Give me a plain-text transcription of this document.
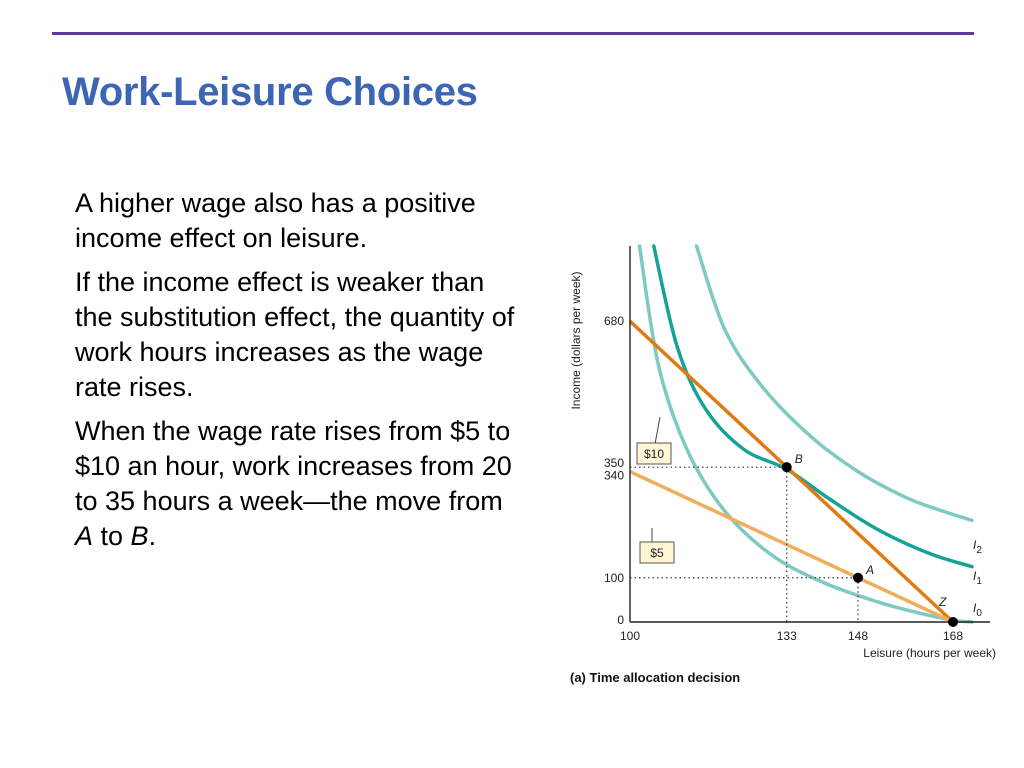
Work-Leisure Choices

A higher wage also has a positive income effect on leisure.

If the income effect is weaker than the substitution effect, the quantity of work hours increases as the wage rate rises.

When the wage rate rises from $5 to $10 an hour, work increases from 20 to 35 hours a week—the move from A to B.

0
100
340
350
680
100	133	148	168
Leisure (hours per week)
Income (dollars per week)
B
A
Z
$10
$5
$I_0$
$I_1$
$I_2$
(a) Time allocation decision
